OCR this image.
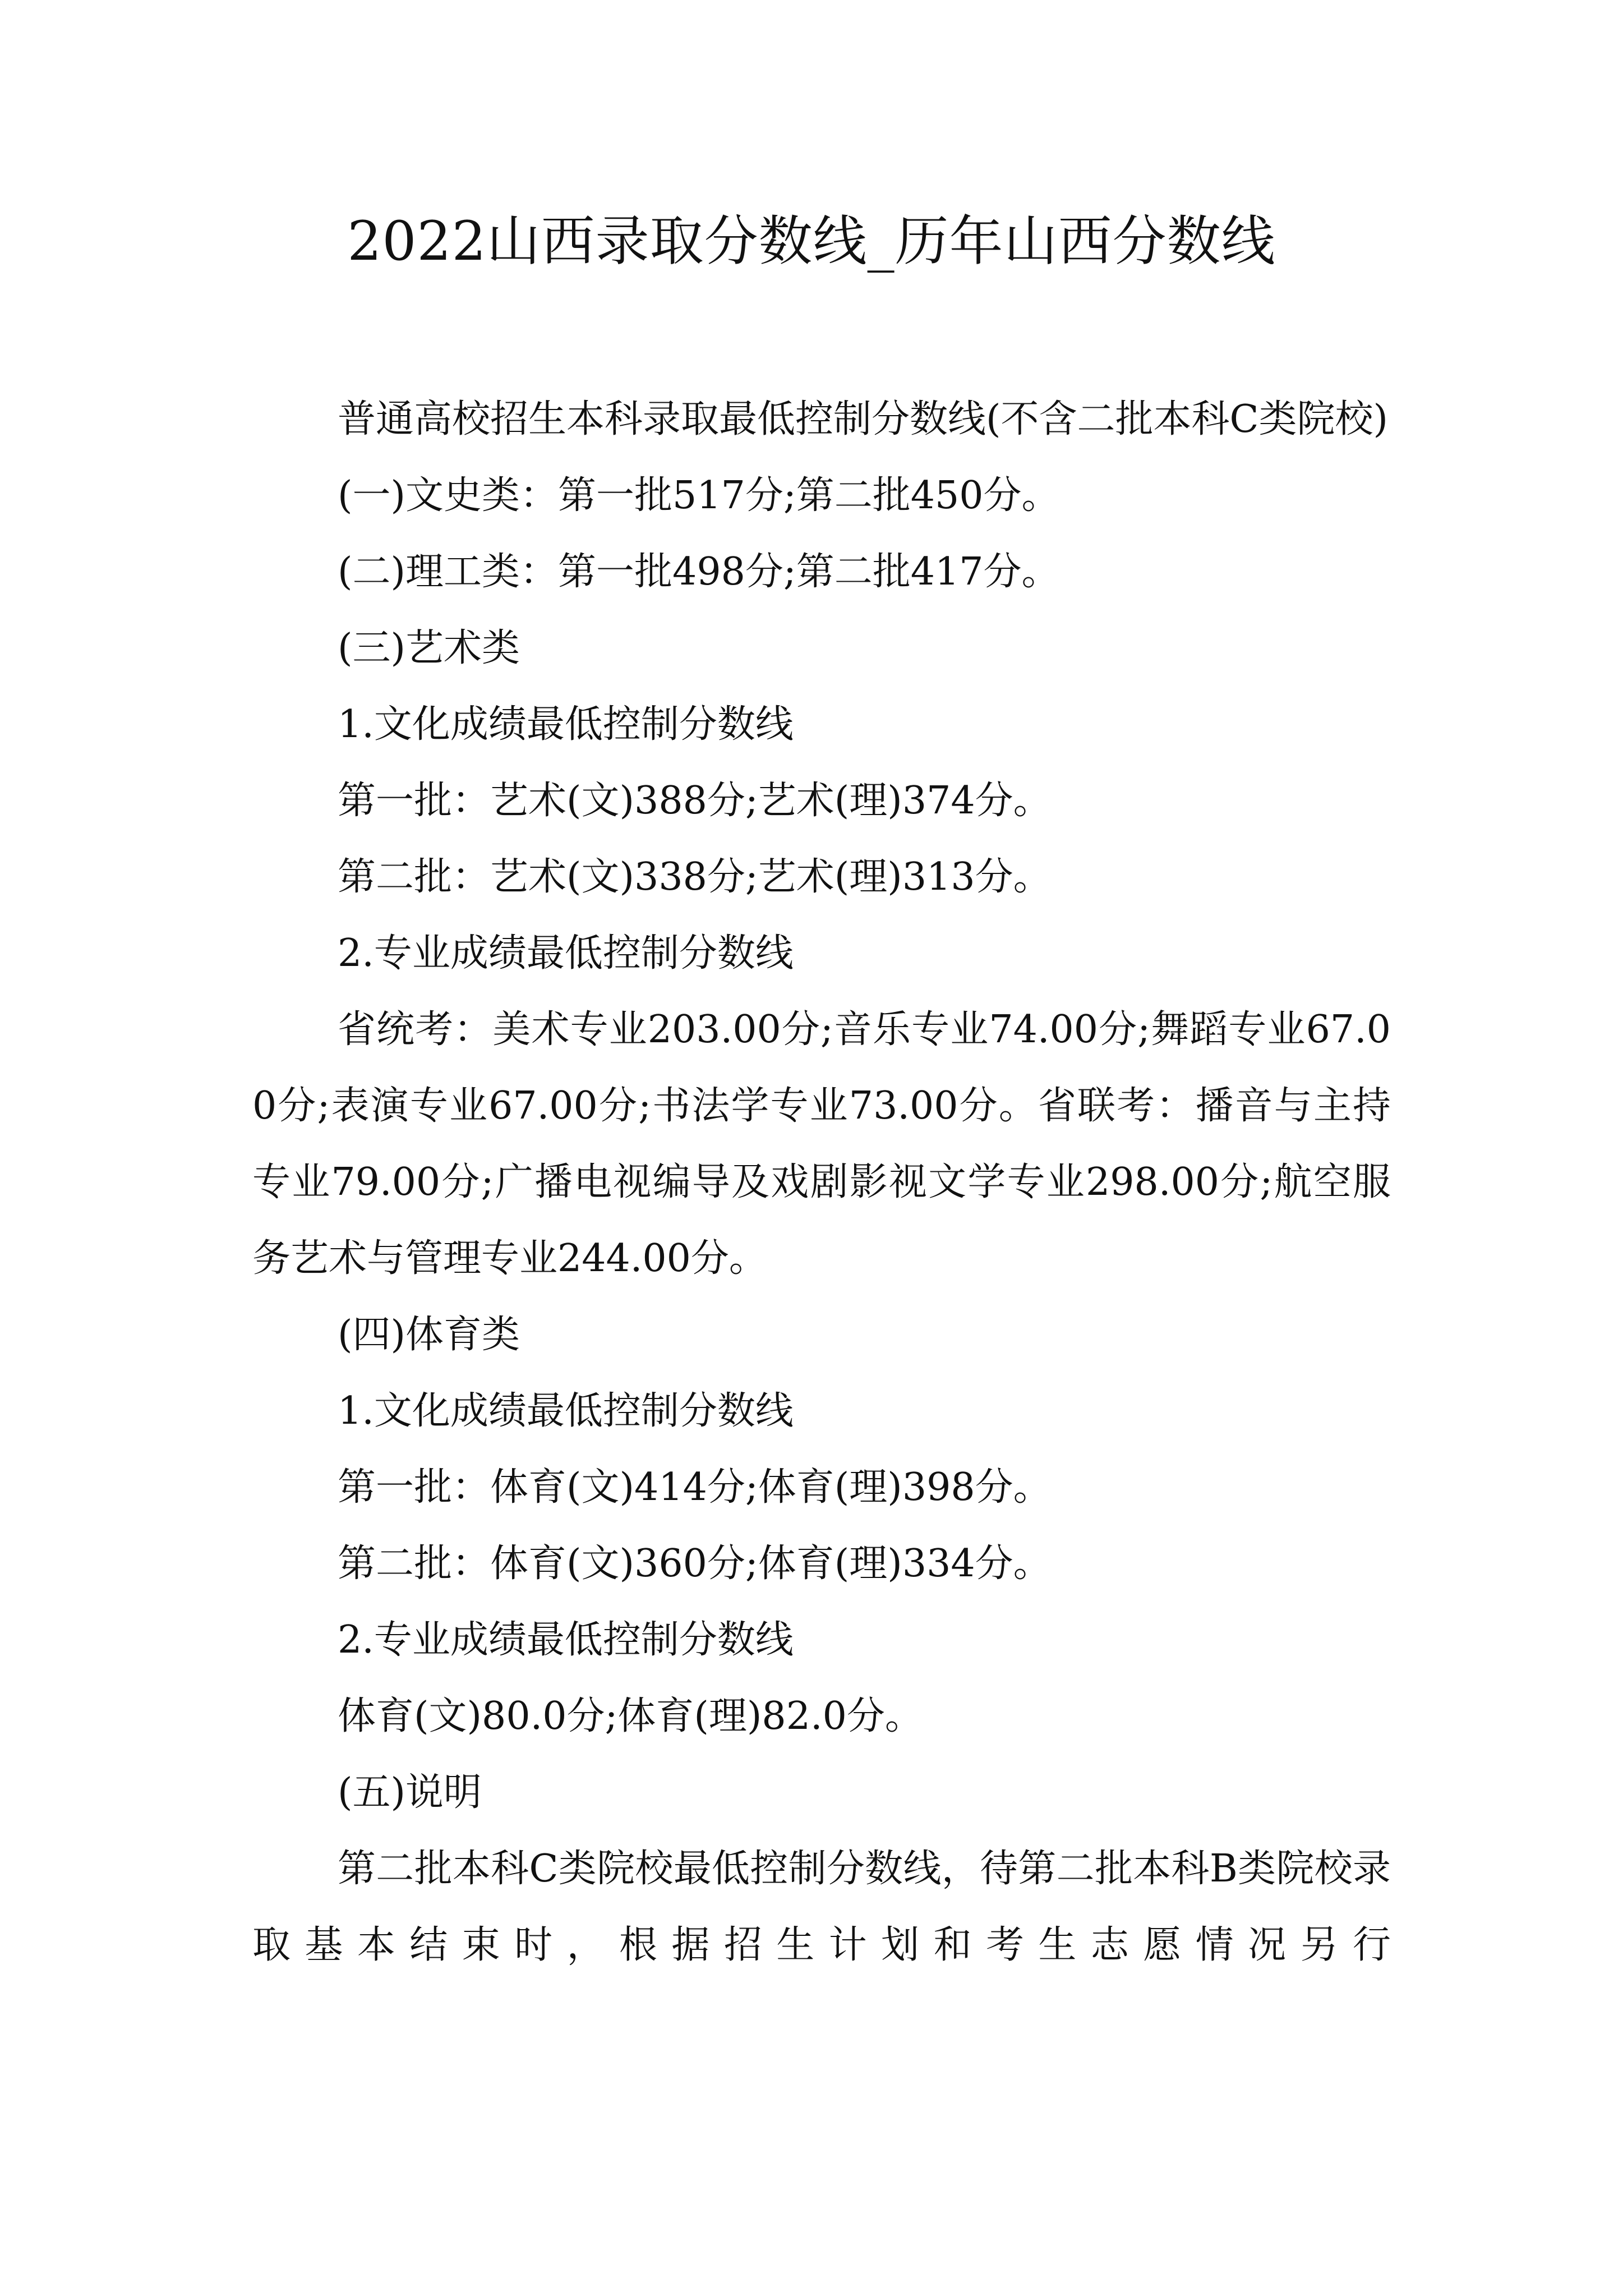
2022山西录取分数线_历年山西分数线

普通高校招生本科录取最低控制分数线(不含二批本科C类院校)

(一)文史类：第一批517分;第二批450分。

(二)理工类：第一批498分;第二批417分。

(三)艺术类

1.文化成绩最低控制分数线

第一批：艺术(文)388分;艺术(理)374分。

第二批：艺术(文)338分;艺术(理)313分。

2.专业成绩最低控制分数线

省统考：美术专业203.00分;音乐专业74.00分;舞蹈专业67.00分;表演专业67.00分;书法学专业73.00分。省联考：播音与主持专业79.00分;广播电视编导及戏剧影视文学专业298.00分;航空服务艺术与管理专业244.00分。

(四)体育类

1.文化成绩最低控制分数线

第一批：体育(文)414分;体育(理)398分。

第二批：体育(文)360分;体育(理)334分。

2.专业成绩最低控制分数线

体育(文)80.0分;体育(理)82.0分。

(五)说明

第二批本科C类院校最低控制分数线，待第二批本科B类院校录取基本结束时，根据招生计划和考生志愿情况另行
